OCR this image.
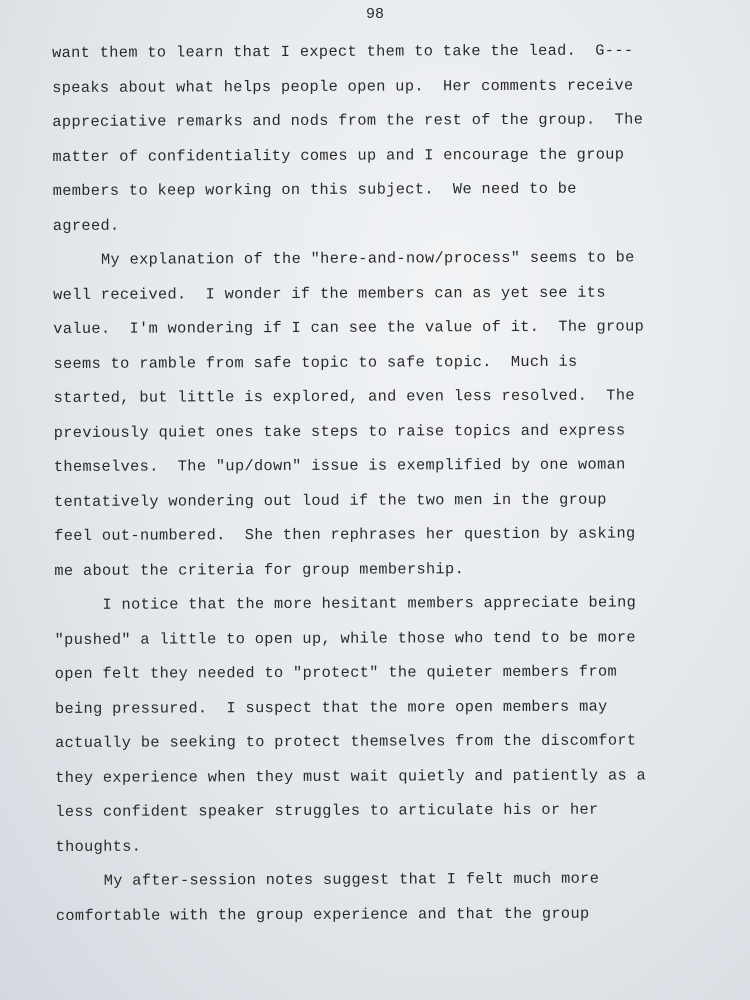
98
want them to learn that I expect them to take the lead.  G---
speaks about what helps people open up.  Her comments receive
appreciative remarks and nods from the rest of the group.  The
matter of confidentiality comes up and I encourage the group
members to keep working on this subject.  We need to be
agreed.
My explanation of the "here-and-now/process" seems to be
well received.  I wonder if the members can as yet see its
value.  I'm wondering if I can see the value of it.  The group
seems to ramble from safe topic to safe topic.  Much is
started, but little is explored, and even less resolved.  The
previously quiet ones take steps to raise topics and express
themselves.  The "up/down" issue is exemplified by one woman
tentatively wondering out loud if the two men in the group
feel out-numbered.  She then rephrases her question by asking
me about the criteria for group membership.
I notice that the more hesitant members appreciate being
"pushed" a little to open up, while those who tend to be more
open felt they needed to "protect" the quieter members from
being pressured.  I suspect that the more open members may
actually be seeking to protect themselves from the discomfort
they experience when they must wait quietly and patiently as a
less confident speaker struggles to articulate his or her
thoughts.
My after-session notes suggest that I felt much more
comfortable with the group experience and that the group
